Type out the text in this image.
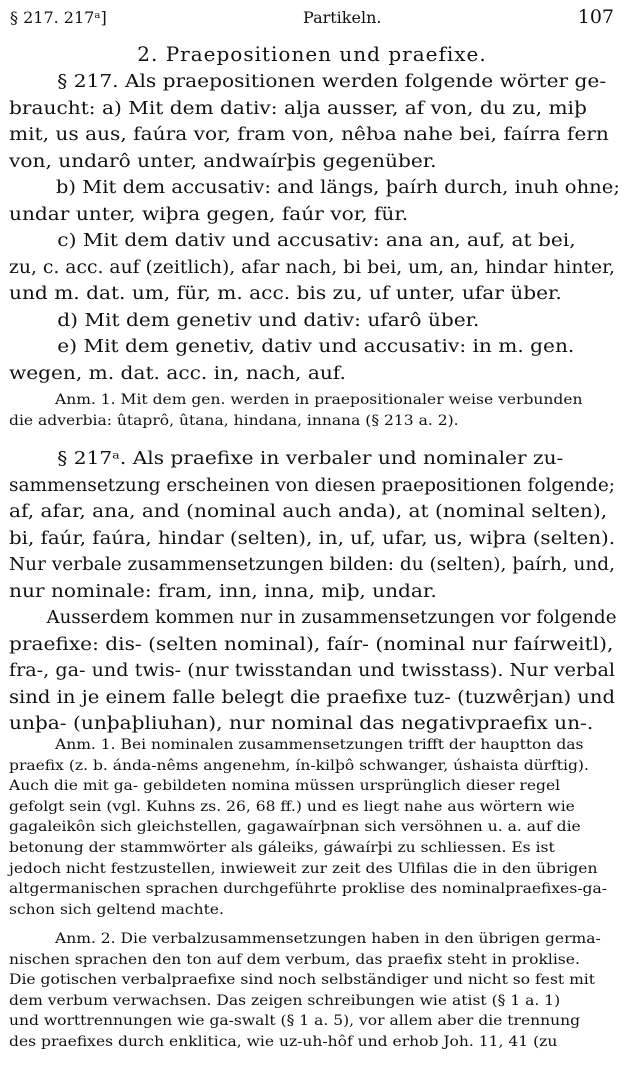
§ 217. 217ᵃ]	Partikeln.	107
2. Praepositionen und praefixe.
§ 217. Als praepositionen werden folgende wörter ge-
braucht: a) Mit dem dativ: alja ausser, af von, du zu, miþ
mit, us aus, faúra vor, fram von, nêƕa nahe bei, faírra fern
von, undarô unter, andwaírþis gegenüber.
b) Mit dem accusativ: and längs, þaírh durch, inuh ohne;
undar unter, wiþra gegen, faúr vor, für.
c) Mit dem dativ und accusativ: ana an, auf, at bei,
zu, c. acc. auf (zeitlich), afar nach, bi bei, um, an, hindar hinter,
und m. dat. um, für, m. acc. bis zu, uf unter, ufar über.
d) Mit dem genetiv und dativ: ufarô über.
e) Mit dem genetiv, dativ und accusativ: in m. gen.
wegen, m. dat. acc. in, nach, auf.
Anm. 1. Mit dem gen. werden in praepositionaler weise verbunden
die adverbia: ûtaprô, ûtana, hindana, innana (§ 213 a. 2).
§ 217ᵃ. Als praefixe in verbaler und nominaler zu-
sammensetzung erscheinen von diesen praepositionen folgende;
af, afar, ana, and (nominal auch anda), at (nominal selten),
bi, faúr, faúra, hindar (selten), in, uf, ufar, us, wiþra (selten).
Nur verbale zusammensetzungen bilden: du (selten), þaírh, und,
nur nominale: fram, inn, inna, miþ, undar.
Ausserdem kommen nur in zusammensetzungen vor folgende
praefixe: dis- (selten nominal), faír- (nominal nur faírweitl),
fra-, ga- und twis- (nur twisstandan und twisstass). Nur verbal
sind in je einem falle belegt die praefixe tuz- (tuzwêrjan) und
unþa- (unþaþliuhan), nur nominal das negativpraefix un-.
Anm. 1. Bei nominalen zusammensetzungen trifft der hauptton das
praefix (z. b. ánda-nêms angenehm, ín-kilþô schwanger, úshaista dürftig).
Auch die mit ga- gebildeten nomina müssen ursprünglich dieser regel
gefolgt sein (vgl. Kuhns zs. 26, 68 ff.) und es liegt nahe aus wörtern wie
gagaleikôn sich gleichstellen, gagawaírþnan sich versöhnen u. a. auf die
betonung der stammwörter als gáleiks, gáwaírþi zu schliessen. Es ist
jedoch nicht festzustellen, inwieweit zur zeit des Ulfilas die in den übrigen
altgermanischen sprachen durchgeführte proklise des nominalpraefixes-ga-
schon sich geltend machte.
Anm. 2. Die verbalzusammensetzungen haben in den übrigen germa-
nischen sprachen den ton auf dem verbum, das praefix steht in proklise.
Die gotischen verbalpraefixe sind noch selbständiger und nicht so fest mit
dem verbum verwachsen. Das zeigen schreibungen wie atist (§ 1 a. 1)
und worttrennungen wie ga-swalt (§ 1 a. 5), vor allem aber die trennung
des praefixes durch enklitica, wie uz-uh-hôf und erhob Joh. 11, 41 (zu
